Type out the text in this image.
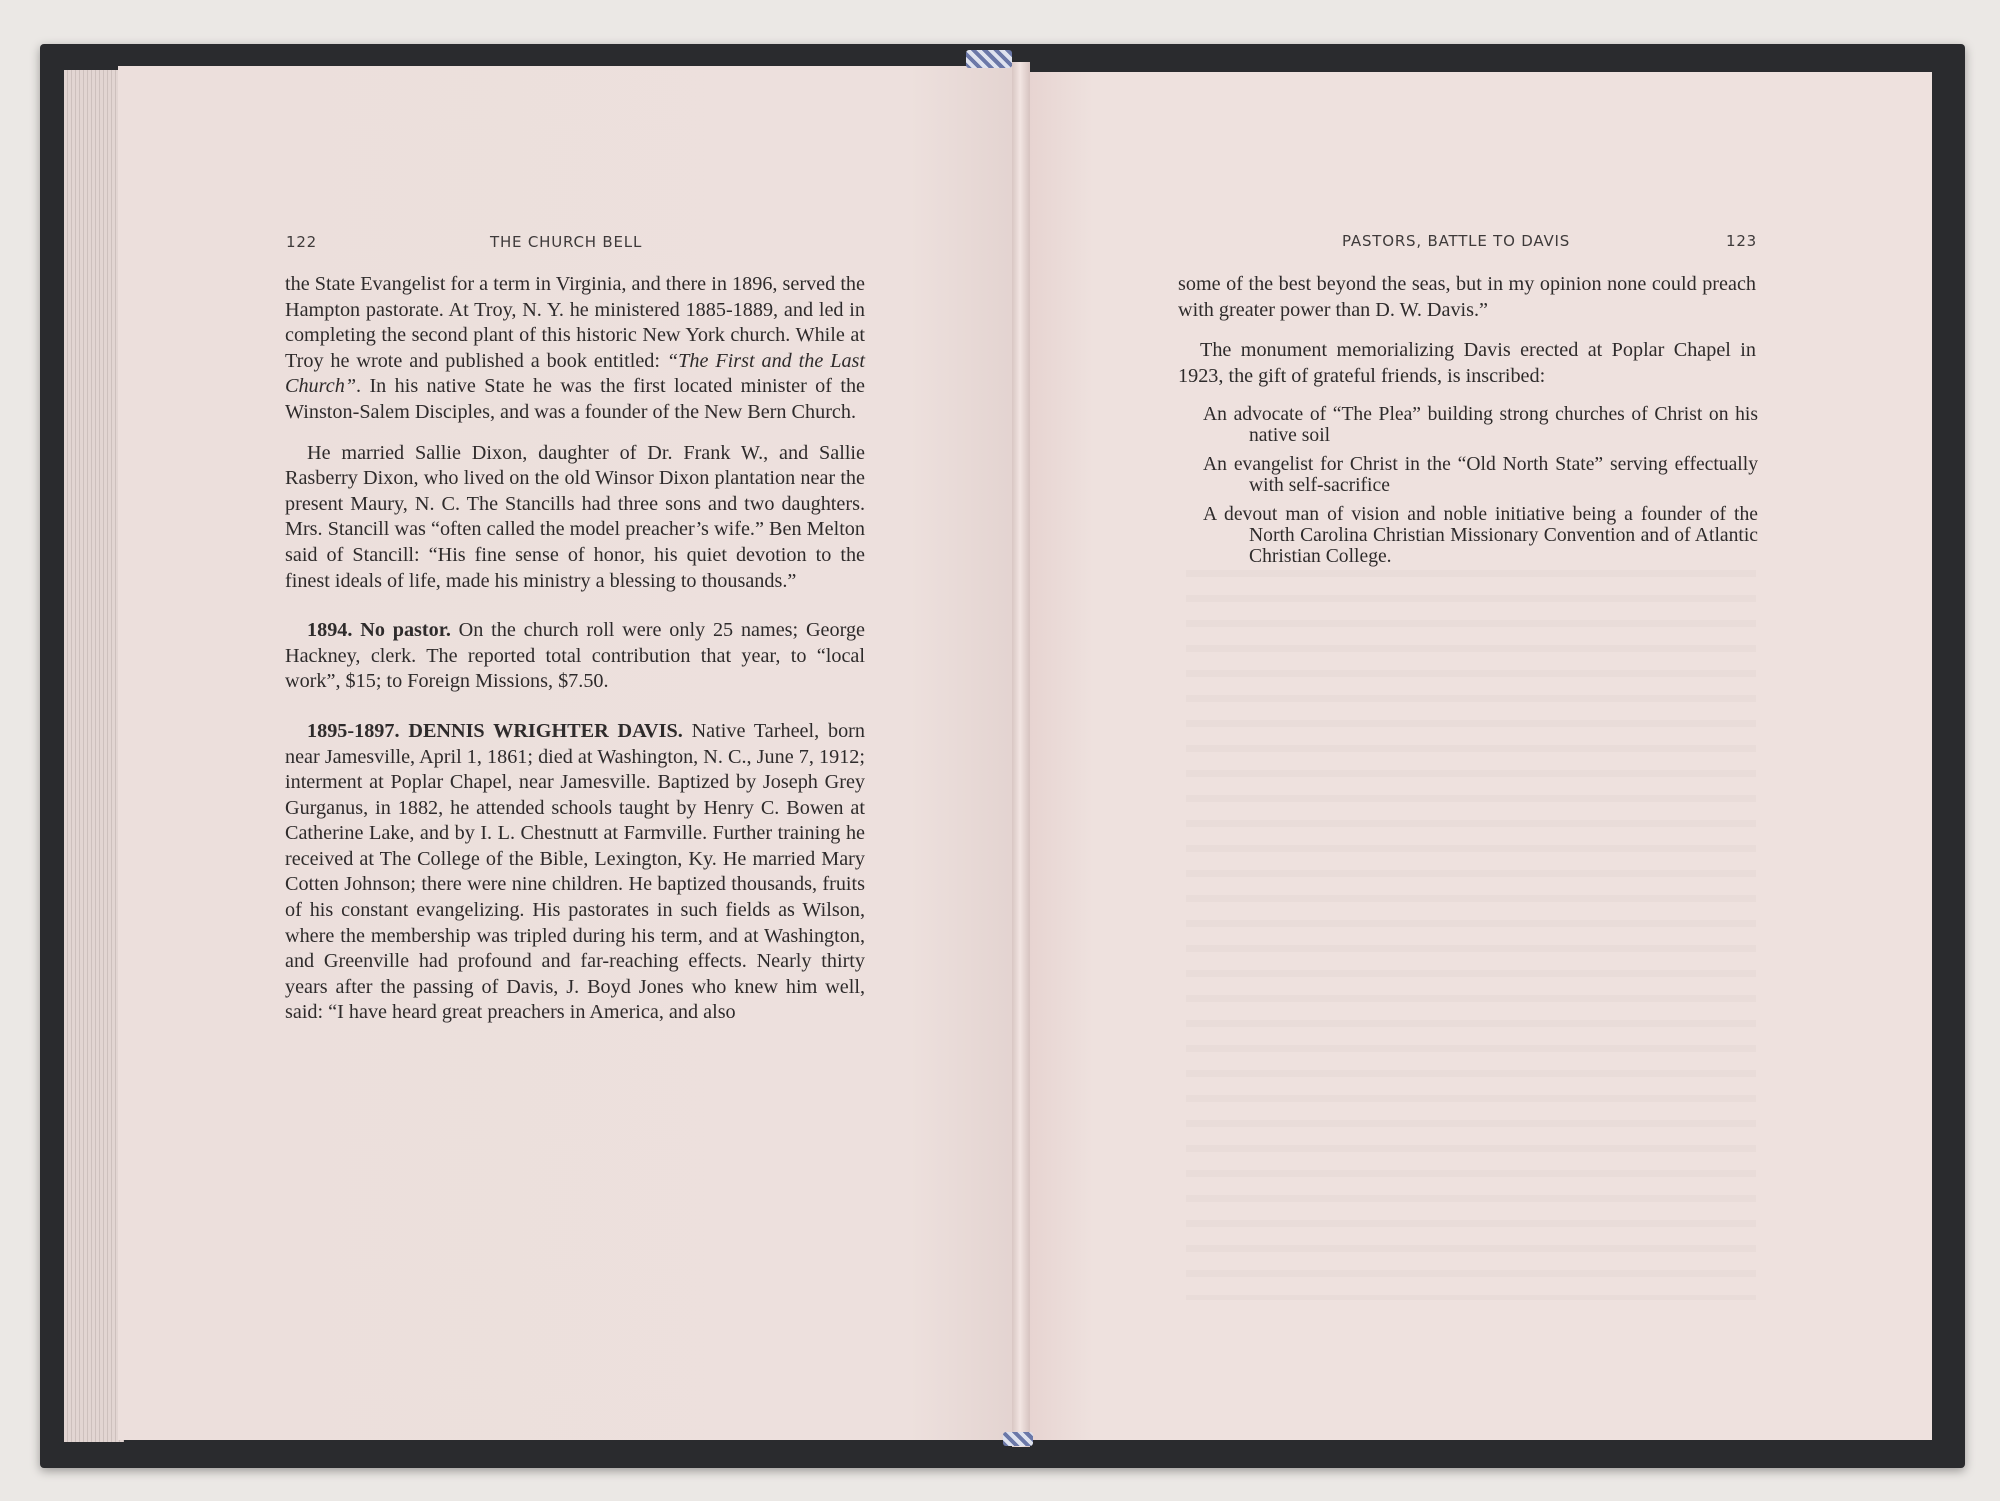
122	THE CHURCH BELL	PASTORS, BATTLE TO DAVIS	123

the State Evangelist for a term in Virginia, and there in 1896, served the Hampton pastorate. At Troy, N. Y. he ministered 1885-1889, and led in completing the second plant of this historic New York church. While at Troy he wrote and published a book entitled: “The First and the Last Church”. In his native State he was the first located minister of the Winston-Salem Disciples, and was a founder of the New Bern Church.

He married Sallie Dixon, daughter of Dr. Frank W., and Sallie Rasberry Dixon, who lived on the old Winsor Dixon plantation near the present Maury, N. C. The Stancills had three sons and two daughters. Mrs. Stancill was “often called the model preacher’s wife.” Ben Melton said of Stancill: “His fine sense of honor, his quiet devotion to the finest ideals of life, made his ministry a blessing to thousands.”

1894. No pastor. On the church roll were only 25 names; George Hackney, clerk. The reported total contribution that year, to “local work”, $15; to Foreign Missions, $7.50.

1895-1897. DENNIS WRIGHTER DAVIS. Native Tarheel, born near Jamesville, April 1, 1861; died at Washington, N. C., June 7, 1912; interment at Poplar Chapel, near Jamesville. Baptized by Joseph Grey Gurganus, in 1882, he attended schools taught by Henry C. Bowen at Catherine Lake, and by I. L. Chestnutt at Farmville. Further training he received at The College of the Bible, Lexington, Ky. He married Mary Cotten Johnson; there were nine children. He baptized thousands, fruits of his constant evangelizing. His pastorates in such fields as Wilson, where the membership was tripled during his term, and at Washington, and Greenville had profound and far-reaching effects. Nearly thirty years after the passing of Davis, J. Boyd Jones who knew him well, said: “I have heard great preachers in America, and also

some of the best beyond the seas, but in my opinion none could preach with greater power than D. W. Davis.”

The monument memorializing Davis erected at Poplar Chapel in 1923, the gift of grateful friends, is inscribed:

An advocate of “The Plea” building strong churches of Christ on his native soil

An evangelist for Christ in the “Old North State” serving effectually with self-sacrifice

A devout man of vision and noble initiative being a founder of the North Carolina Christian Missionary Convention and of Atlantic Christian College.
